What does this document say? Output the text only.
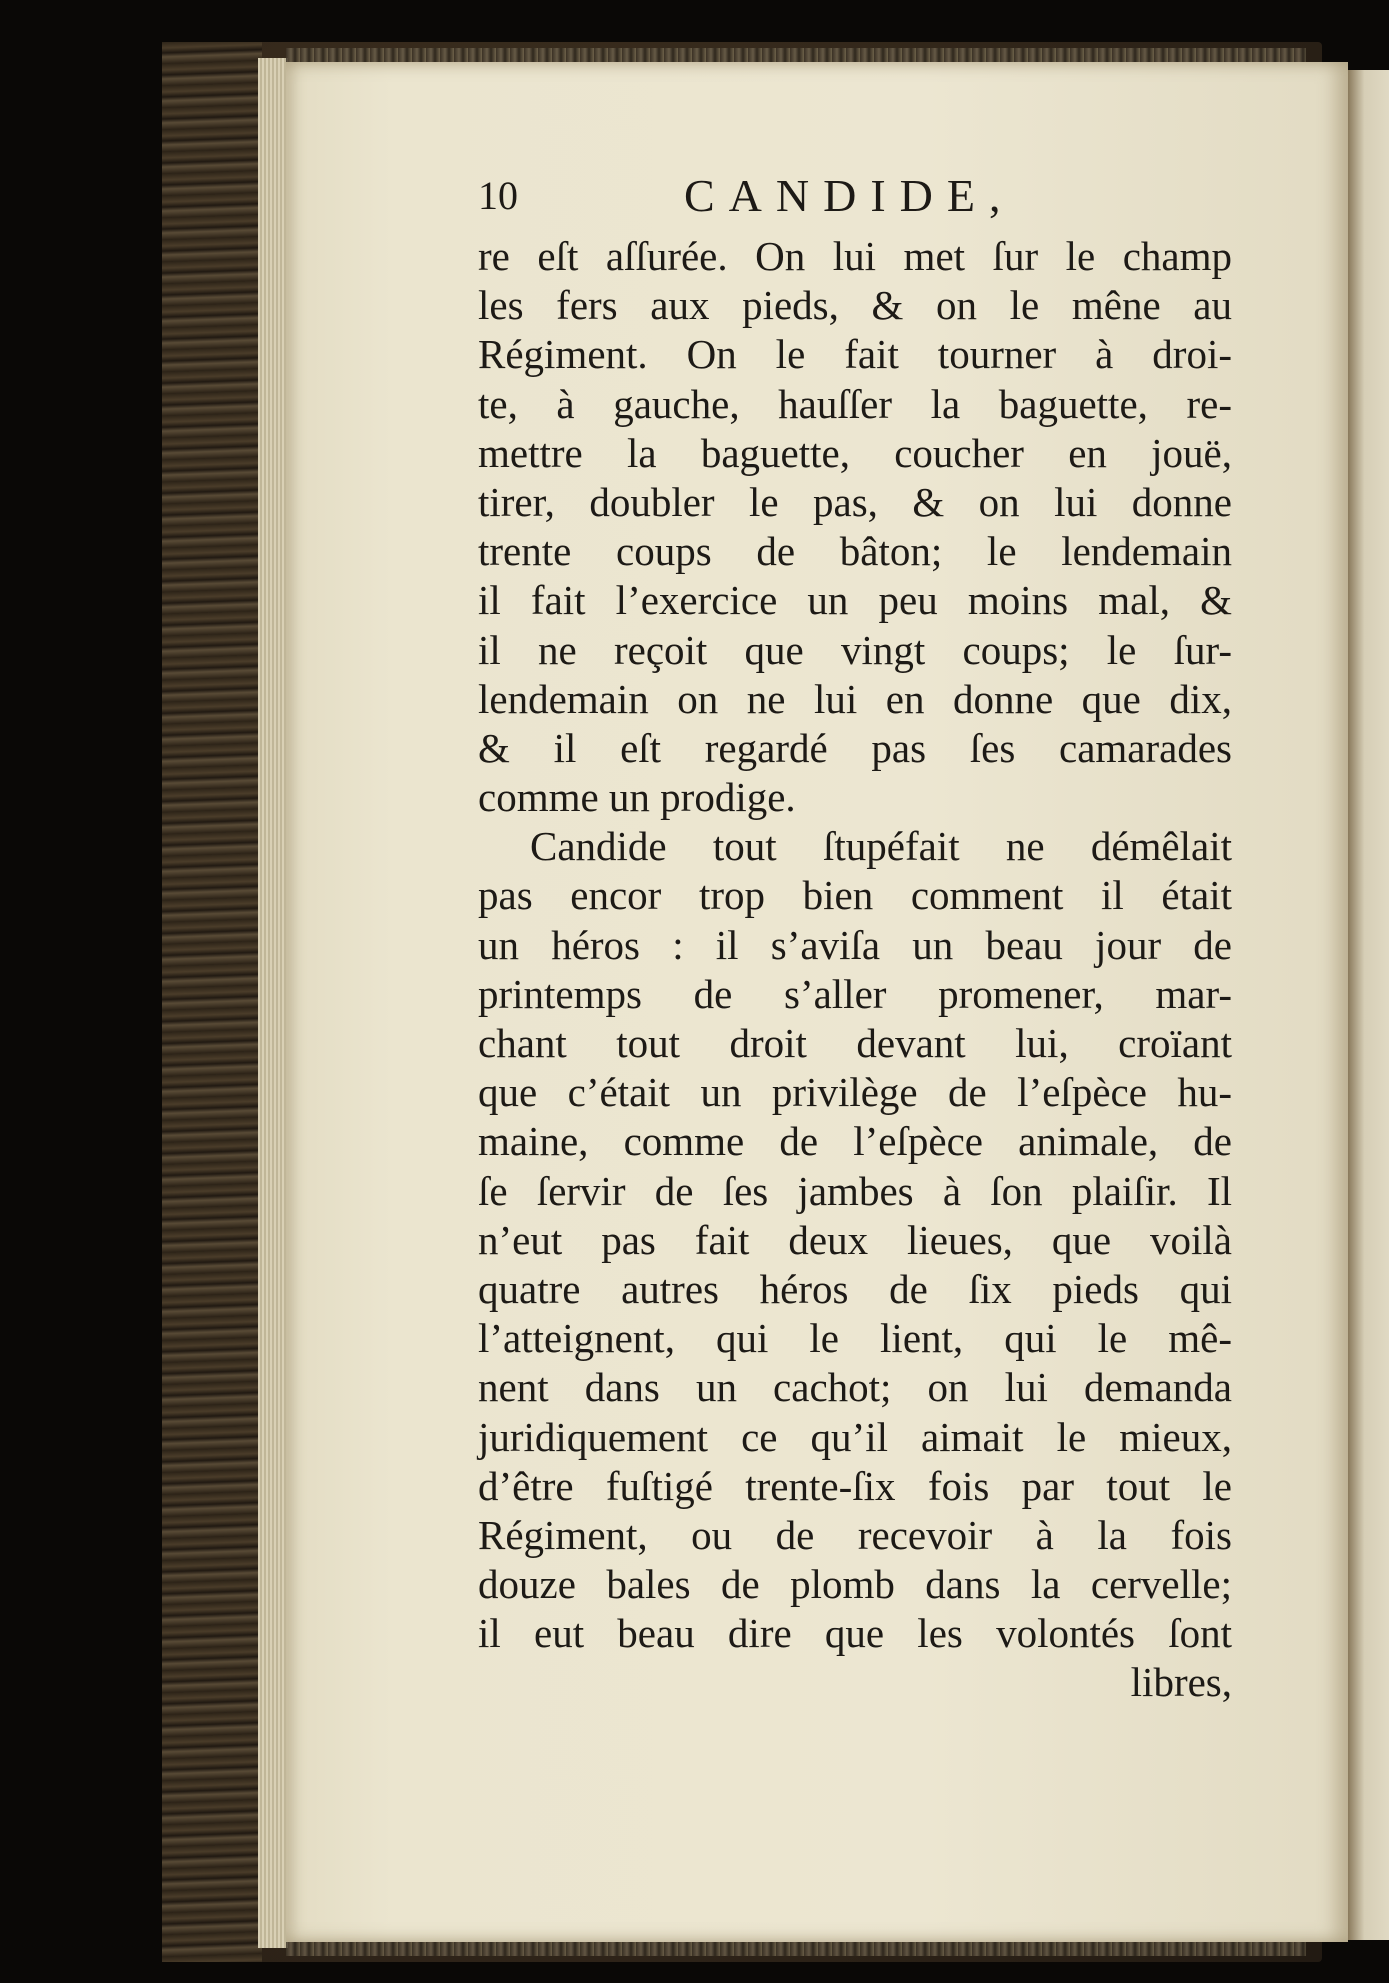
10	CANDIDE,
re eſt aſſurée. On lui met ſur le champ
les fers aux pieds, & on le mêne au
Régiment. On le fait tourner à droi-
te, à gauche, hauſſer la baguette, re-
mettre la baguette, coucher en jouë,
tirer, doubler le pas, & on lui donne
trente coups de bâton; le lendemain
il fait l’exercice un peu moins mal, &
il ne reçoit que vingt coups; le ſur-
lendemain on ne lui en donne que dix,
& il eſt regardé pas ſes camarades
comme un prodige.
Candide tout ſtupéfait ne démêlait
pas encor trop bien comment il était
un héros : il s’aviſa un beau jour de
printemps de s’aller promener, mar-
chant tout droit devant lui, croïant
que c’était un privilège de l’eſpèce hu-
maine, comme de l’eſpèce animale, de
ſe ſervir de ſes jambes à ſon plaiſir. Il
n’eut pas fait deux lieues, que voilà
quatre autres héros de ſix pieds qui
l’atteignent, qui le lient, qui le mê-
nent dans un cachot; on lui demanda
juridiquement ce qu’il aimait le mieux,
d’être fuſtigé trente-ſix fois par tout le
Régiment, ou de recevoir à la fois
douze bales de plomb dans la cervelle;
il eut beau dire que les volontés ſont
libres,
